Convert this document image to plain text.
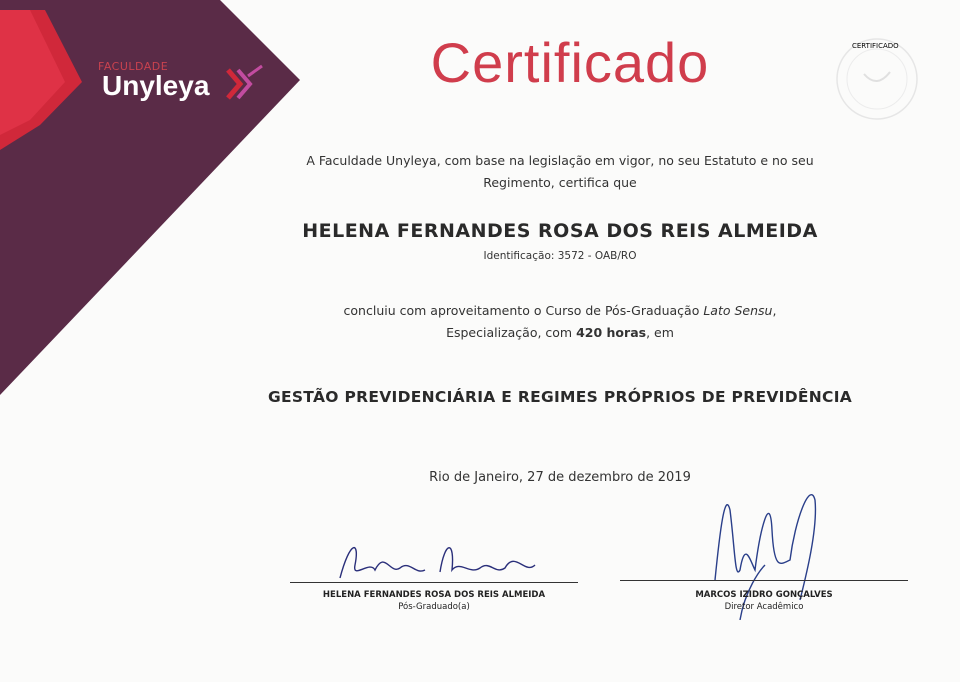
FACULDADE
Unyleya	Certificado	CERTIFICADO
A Faculdade Unyleya, com base na legislação em vigor, no seu Estatuto e no seu
Regimento, certifica que
HELENA FERNANDES ROSA DOS REIS ALMEIDA
Identificação: 3572 - OAB/RO
concluiu com aproveitamento o Curso de Pós-Graduação Lato Sensu,
Especialização, com 420 horas, em
GESTÃO PREVIDENCIÁRIA E REGIMES PRÓPRIOS DE PREVIDÊNCIA
Rio de Janeiro, 27 de dezembro de 2019
HELENA FERNANDES ROSA DOS REIS ALMEIDA
Pós-Graduado(a)
MARCOS IZIDRO GONÇALVES
Diretor Acadêmico
